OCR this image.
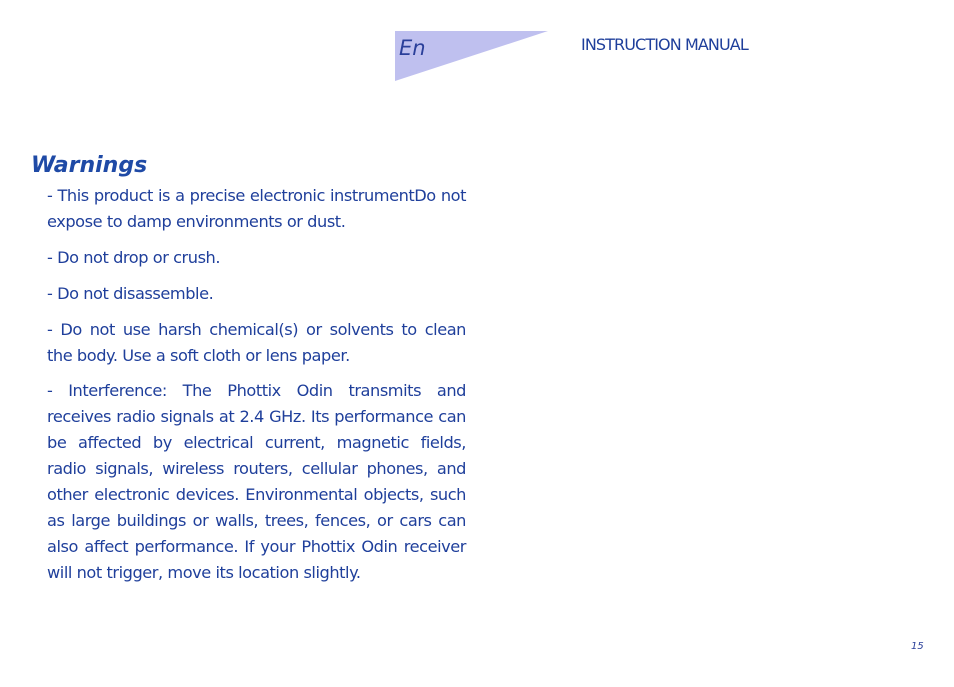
En	INSTRUCTION MANUAL
Warnings

- This product is a precise electronic instrumentDo not expose to damp environments or dust.

- Do not drop or crush.

- Do not disassemble.

- Do not use harsh chemical(s) or solvents to clean the body. Use a soft cloth or lens paper.

- Interference: The Phottix Odin transmits and receives radio signals at 2.4 GHz. Its performance can be affected by electrical current, magnetic fields, radio signals, wireless routers, cellular phones, and other electronic devices. Environmental objects, such as large buildings or walls, trees, fences, or cars can also affect performance. If your Phottix Odin receiver will not trigger, move its location slightly.

15
